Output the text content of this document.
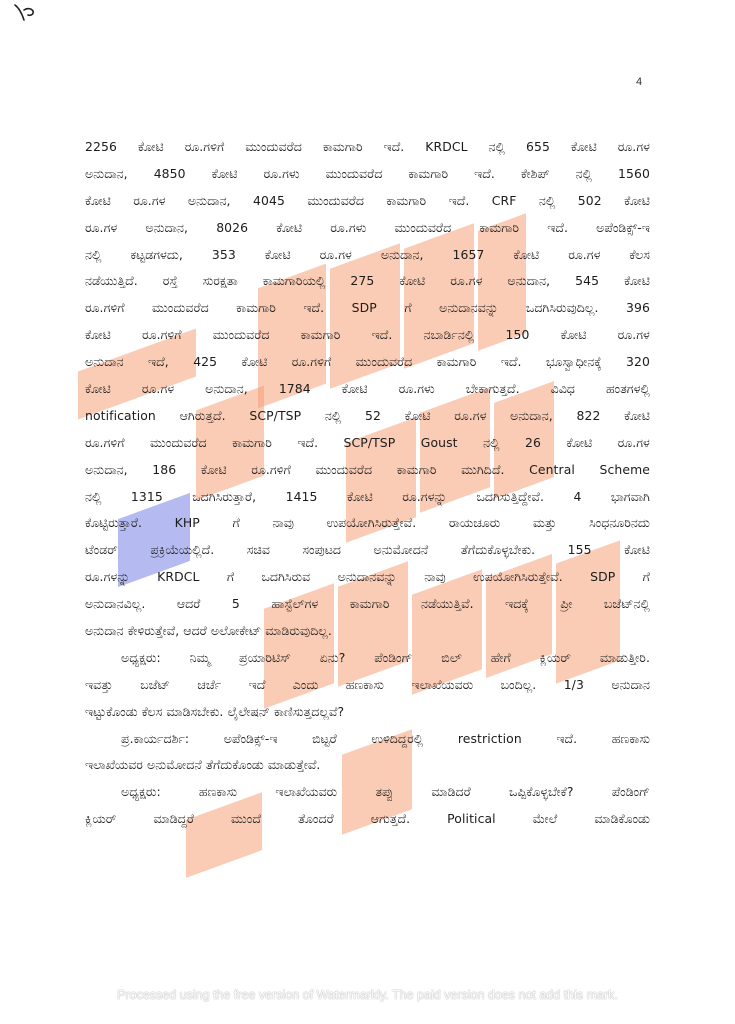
4
2256 ಕೋಟಿ ರೂ.ಗಳಿಗೆ ಮುಂದುವರೆದ ಕಾಮಗಾರಿ ಇದೆ. KRDCL ನಲ್ಲಿ 655 ಕೋಟಿ ರೂ.ಗಳ
ಅನುದಾನ, 4850 ಕೋಟಿ ರೂ.ಗಳು ಮುಂದುವರೆದ ಕಾಮಗಾರಿ ಇದೆ. ಕೇಶಿಪ್ ನಲ್ಲಿ 1560
ಕೋಟಿ ರೂ.ಗಳ ಅನುದಾನ, 4045 ಮುಂದುವರೆದ ಕಾಮಗಾರಿ ಇದೆ. CRF ನಲ್ಲಿ 502 ಕೋಟಿ
ರೂ.ಗಳ ಅನುದಾನ, 8026 ಕೋಟಿ ರೂ.ಗಳು ಮುಂದುವರೆದ ಕಾಮಗಾರಿ ಇದೆ. ಅಪೆಂಡಿಕ್ಸ್-ಇ
ನಲ್ಲಿ ಕಟ್ಟಡಗಳದು, 353 ಕೋಟಿ ರೂ.ಗಳ ಅನುದಾನ, 1657 ಕೋಟಿ ರೂ.ಗಳ ಕೆಲಸ
ನಡೆಯುತ್ತಿದೆ. ರಸ್ತೆ ಸುರಕ್ಷತಾ ಕಾಮಗಾರಿಯಲ್ಲಿ 275 ಕೋಟಿ ರೂ.ಗಳ ಅನುದಾನ, 545 ಕೋಟಿ
ರೂ.ಗಳಿಗೆ ಮುಂದುವರೆದ ಕಾಮಗಾರಿ ಇದೆ. SDP ಗೆ ಅನುದಾನವನ್ನು ಒದಗಿಸಿರುವುದಿಲ್ಲ. 396
ಕೋಟಿ	ರೂ.ಗಳಿಗೆ	ಮುಂದುವರೆದ	ಕಾಮಗಾರಿ	ಇದೆ.	ನಬಾರ್ಡಿನಲ್ಲಿ	150	ಕೋಟಿ	ರೂ.ಗಳ
ಅನುದಾನ ಇದೆ, 425 ಕೋಟಿ ರೂ.ಗಳಿಗೆ ಮುಂದುವರೆದ ಕಾಮಗಾರಿ ಇದೆ. ಭೂಸ್ವಾಧೀನಕ್ಕೆ 320
ಕೋಟಿ	ರೂ.ಗಳ	ಅನುದಾನ,	1784	ಕೋಟಿ	ರೂ.ಗಳು	ಬೇಕಾಗುತ್ತದೆ.	ವಿವಿಧ	ಹಂತಗಳಲ್ಲಿ
notification ಆಗಿರುತ್ತದೆ. SCP/TSP ನಲ್ಲಿ 52 ಕೋಟಿ ರೂ.ಗಳ ಅನುದಾನ, 822 ಕೋಟಿ
ರೂ.ಗಳಿಗೆ ಮುಂದುವರೆದ ಕಾಮಗಾರಿ ಇದೆ. SCP/TSP Goust ನಲ್ಲಿ 26 ಕೋಟಿ ರೂ.ಗಳ
ಅನುದಾನ, 186 ಕೋಟಿ ರೂ.ಗಳಿಗೆ ಮುಂದುವರೆದ ಕಾಮಗಾರಿ ಮುಗಿದಿದೆ. Central Scheme
ನಲ್ಲಿ 1315 ಒದಗಿಸಿರುತ್ತಾರೆ, 1415 ಕೋಟಿ ರೂ.ಗಳನ್ನು ಒದಗಿಸುತ್ತಿದ್ದೇವೆ. 4 ಭಾಗವಾಗಿ
ಕೊಟ್ಟಿರುತ್ತಾರೆ.	KHP	ಗೆ	ನಾವು	ಉಪಯೋಗಿಸಿರುತ್ತೇವೆ.	ರಾಯಚೂರು	ಮತ್ತು	ಸಿಂಧನೂರಿನದು
ಟೆಂಡರ್	ಪ್ರಕ್ರಿಯೆಯಲ್ಲಿದೆ.	ಸಚಿವ	ಸಂಪುಟದ	ಅನುಮೋದನೆ	ತೆಗೆದುಕೊಳ್ಳಬೇಕು.	155	ಕೋಟಿ
ರೂ.ಗಳನ್ನು KRDCL ಗೆ ಒದಗಿಸಿರುವ ಅನುದಾನವನ್ನು ನಾವು ಉಪಯೋಗಿಸಿರುತ್ತೇವೆ. SDP ಗೆ
ಅನುದಾನವಿಲ್ಲ.	ಆದರೆ	5	ಹಾಸ್ಟೆಲ್‌ಗಳ	ಕಾಮಗಾರಿ	ನಡೆಯುತ್ತಿವೆ.	ಇದಕ್ಕೆ	ಪ್ರೀ	ಬಜೆಟ್‌ನಲ್ಲಿ
ಅನುದಾನ ಕೇಳಿರುತ್ತೇವೆ, ಆದರೆ ಅಲೋಕೇಟ್ ಮಾಡಿರುವುದಿಲ್ಲ.
ಅಧ್ಯಕ್ಷರು: ನಿಮ್ಮ ಪ್ರಯಾರಿಟಿಸ್ ಏನು? ಪೆಂಡಿಂಗ್ ಬಿಲ್ ಹೇಗೆ ಕ್ಲಿಯರ್ ಮಾಡುತ್ತೀರಿ.
ಇವತ್ತು ಬಜೆಟ್ ಚರ್ಚೆ ಇದೆ ಎಂದು ಹಣಕಾಸು ಇಲಾಖೆಯವರು ಬಂದಿಲ್ಲ. 1/3 ಅನುದಾನ
ಇಟ್ಟುಕೊಂಡು ಕೆಲಸ ಮಾಡಿಸಬೇಕು. ಲೈಲೇಷನ್ ಕಾಣಿಸುತ್ತದಲ್ಲವೆ?
ಪ್ರ.ಕಾರ್ಯದರ್ಶಿ:	ಅಪೆಂಡಿಕ್ಸ್-ಇ	ಬಿಟ್ಟರೆ	ಉಳಿದಿದ್ದರಲ್ಲಿ	restriction	ಇದೆ.	ಹಣಕಾಸು
ಇಲಾಖೆಯವರ ಅನುಮೋದನೆ ತೆಗೆದುಕೊಂಡು ಮಾಡುತ್ತೇವೆ.
ಅಧ್ಯಕ್ಷರು:	ಹಣಕಾಸು	ಇಲಾಖೆಯವರು	ತಪ್ಪು	ಮಾಡಿದರೆ	ಒಪ್ಪಿಕೊಳ್ಳಬೇಕೆ?	ಪೆಂಡಿಂಗ್
ಕ್ಲಿಯರ್	ಮಾಡಿದ್ದರೆ	ಮುಂದೆ	ತೊಂದರೆ	ಆಗುತ್ತದೆ.	Political	ಮೇಲೆ	ಮಾಡಿಕೊಂಡು
Processed using the free version of Watermarkly. The paid version does not add this mark.
